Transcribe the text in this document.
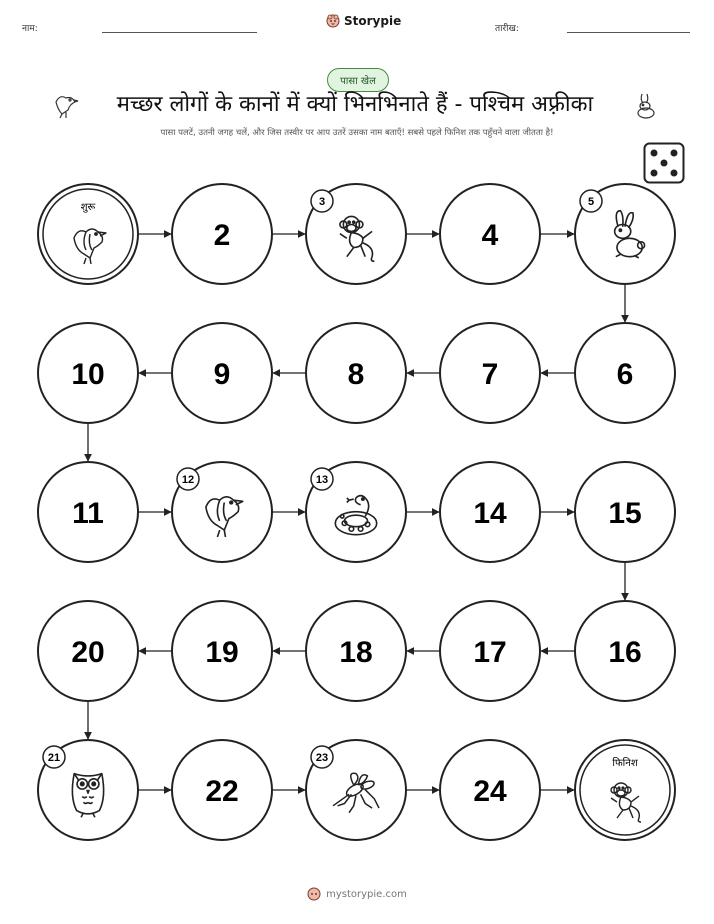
नाम:
Storypie
तारीख:
पासा खेल
मच्छर लोगों के कानों में क्यों भिनभिनाते हैं - पश्चिम अफ़्रीका
पासा पलटें, उतनी जगह चलें, और जिस तस्वीर पर आप उतरें उसका नाम बताएँ! सबसे पहले फिनिश तक पहुँचने वाला जीतता है!
शुरू
2
3
4
5
6
7
8
9
10
11
12	13
14	15
16
17
18
19
20
21
22
23
24
फिनिश
mystorypie.com
